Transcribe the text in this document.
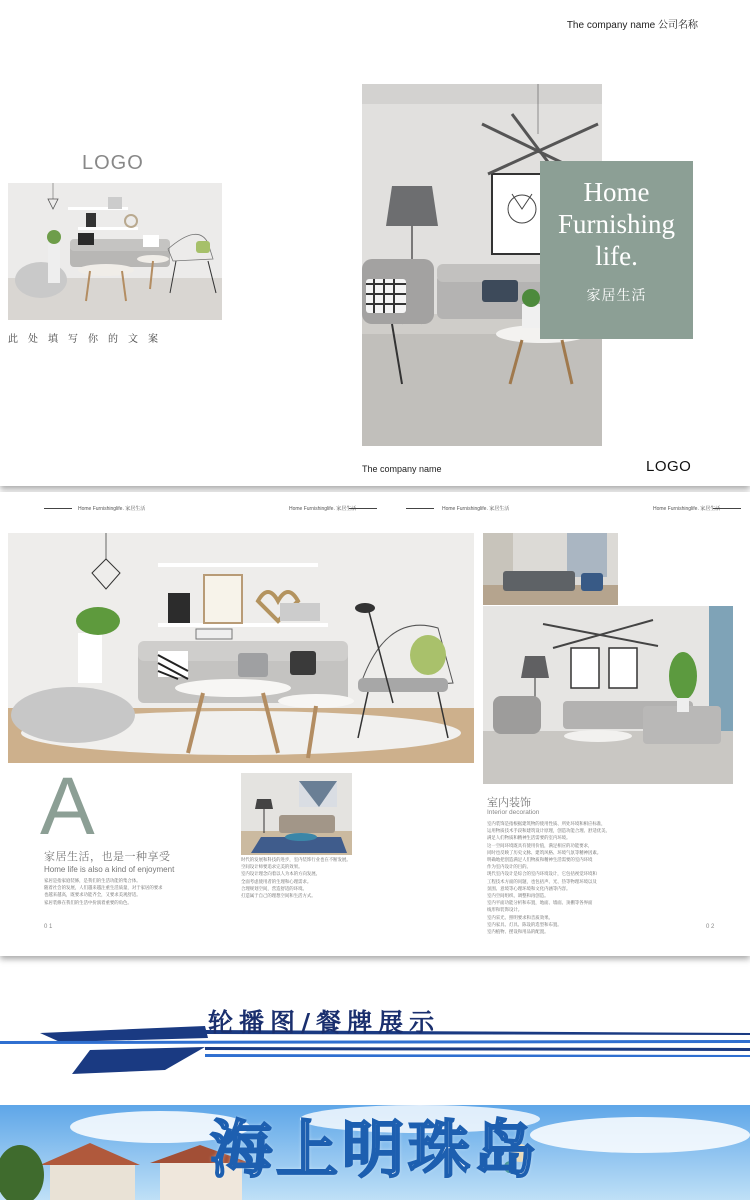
The company name 公司名称
LOGO
此处填写你的文案
Home
Furnishing
life.
家居生活
The company name	LOGO
Home Furnishinglife. 家居生活	Home Furnishinglife. 家居生活	Home Furnishinglife. 家居生活	Home Furnishinglife. 家居生活
A
家居生活，也是一种享受
Home life is also a kind of enjoyment
家居是指家庭装修，是我们的生活功能的集合体。
随着社会的发展，人们越来越注重生活质量，对于家居的要求
也越来越高，既要求功能齐全，又要求美观舒适。
家居装修在我们的生活中扮演着重要的角色。
时代的发展和科技的进步，室内装饰行业也在不断发展。
空间设计师要追求完美的效果。
室内设计理念向着以人为本的方向发展。
全面考虑使用者的生理和心理需求。
合理规划空间，营造舒适的环境。
打造属于自己的理想空间和生活方式。
室内装饰
Interior decoration
室内装饰是指根据建筑物的使用性质、所处环境和相应标准，
运用物质技术手段和建筑设计原理，创造功能合理、舒适优美、
满足人们物质和精神生活需要的室内环境。
这一空间环境既具有使用价值，满足相应的功能要求，
同时也反映了历史文脉、建筑风格、环境气氛等精神因素。
明确地把创造满足人们物质和精神生活需要的室内环境
作为室内设计的目的。
现代室内设计是综合的室内环境设计，它包括视觉环境和
工程技术方面的问题，也包括声、光、热等物理环境以及
氛围、意境等心理环境和文化内涵等内容。
室内空间组织、调整和再创造。
室内平面功能分析和布置，地面、墙面、顶棚等各界面
线形和装饰设计。
室内采光、照明要求和音质效果。
室内家具、灯具、陈设的选型和布置。
室内植物、摆设和用品的配置。
0 1	0 2
轮播图/餐牌展示
海上明珠岛
